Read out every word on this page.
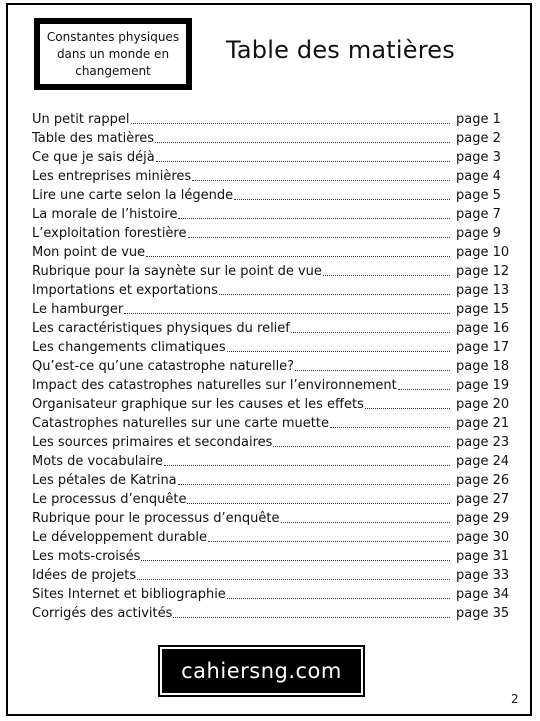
Constantes physiques
dans un monde en
changement
Table des matières
Un petit rappel	page 1
Table des matières	page 2
Ce que je sais déjà	page 3
Les entreprises minières	page 4
Lire une carte selon la légende	page 5
La morale de l’histoire	page 7
L’exploitation forestière	page 9
Mon point de vue	page 10
Rubrique pour la saynète sur le point de vue	page 12
Importations et exportations	page 13
Le hamburger	page 15
Les caractéristiques physiques du relief	page 16
Les changements climatiques	page 17
Qu’est-ce qu’une catastrophe naturelle?	page 18
Impact des catastrophes naturelles sur l’environnement	page 19
Organisateur graphique sur les causes et les effets	page 20
Catastrophes naturelles sur une carte muette	page 21
Les sources primaires et secondaires	page 23
Mots de vocabulaire	page 24
Les pétales de Katrina	page 26
Le processus d’enquête	page 27
Rubrique pour le processus d’enquête	page 29
Le développement durable	page 30
Les mots-croisés	page 31
Idées de projets	page 33
Sites Internet et bibliographie	page 34
Corrigés des activités	page 35
cahiersng.com
2
